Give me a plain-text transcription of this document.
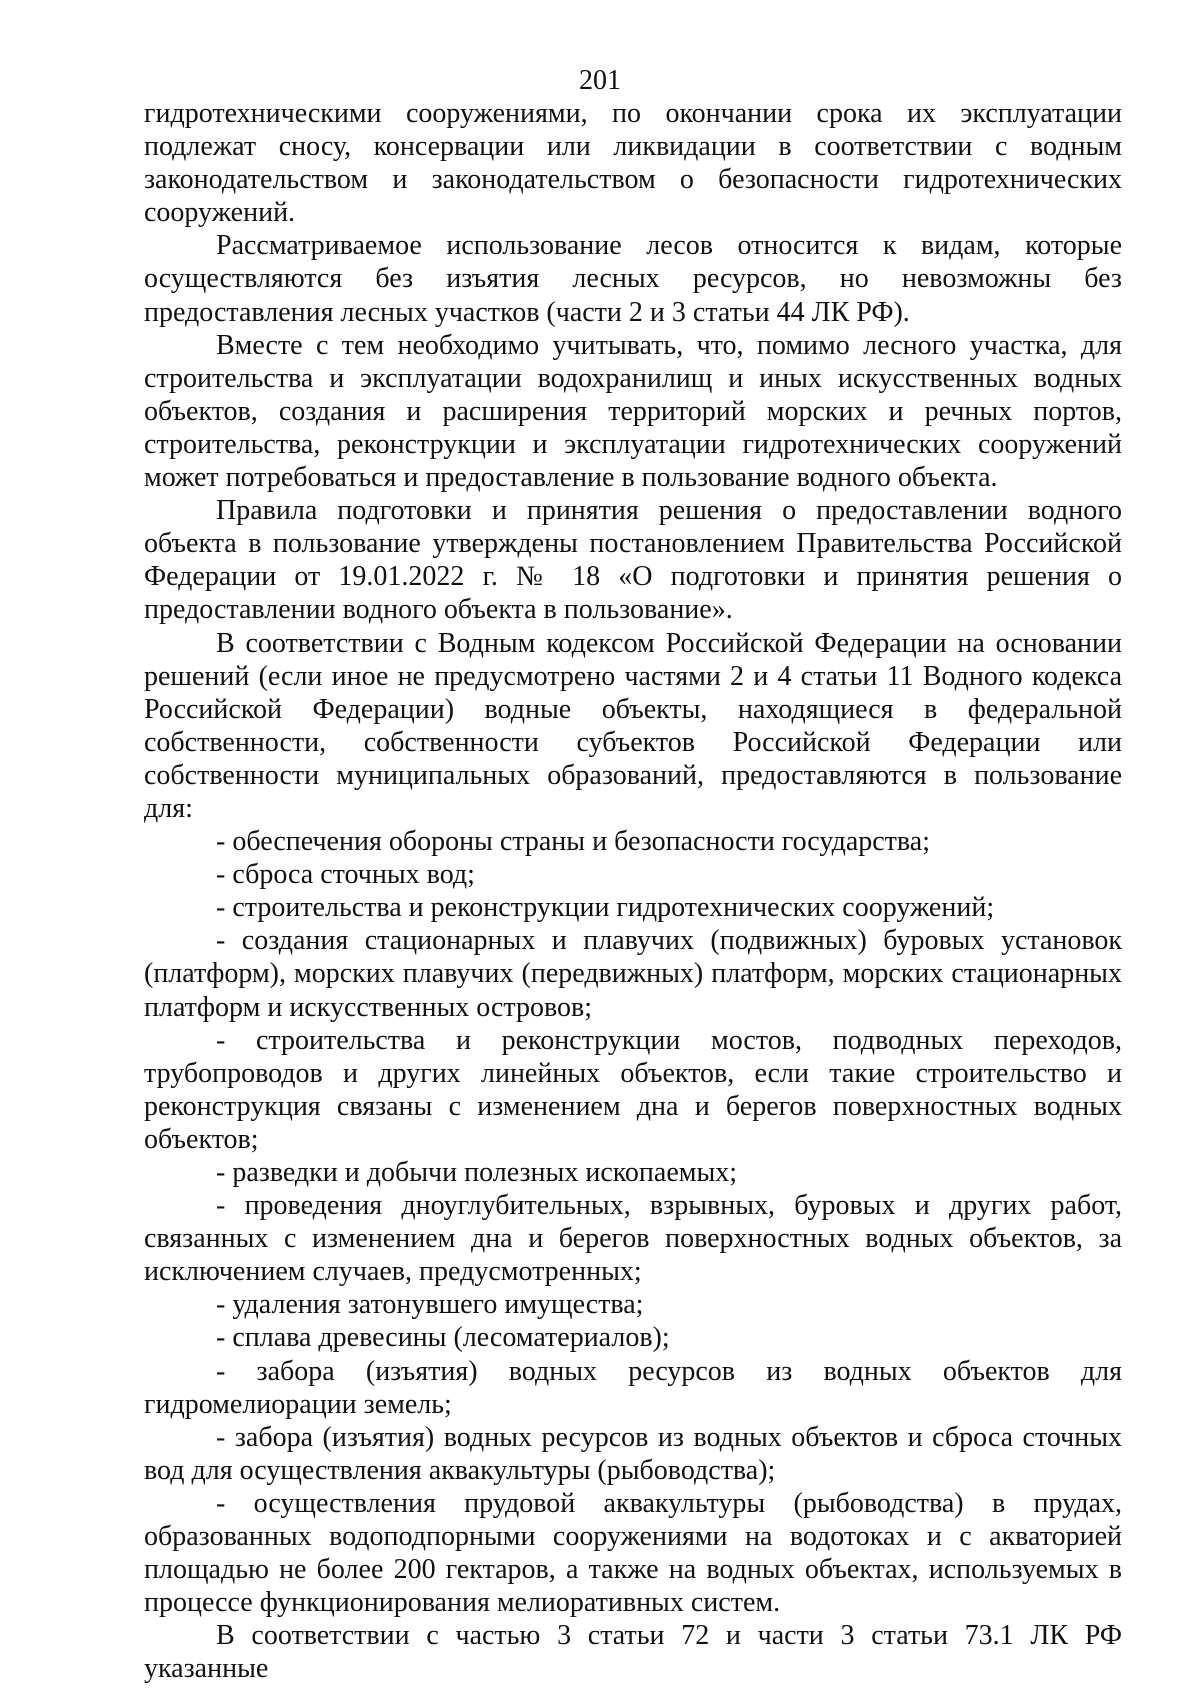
201

гидротехническими сооружениями, по окончании срока их эксплуатации подлежат сносу, консервации или ликвидации в соответствии с водным законодательством и законодательством о безопасности гидротехнических сооружений.

Рассматриваемое использование лесов относится к видам, которые осуществляются без изъятия лесных ресурсов, но невозможны без предоставления лесных участков (части 2 и 3 статьи 44 ЛК РФ).

Вместе с тем необходимо учитывать, что, помимо лесного участка, для строительства и эксплуатации водохранилищ и иных искусственных водных объектов, создания и расширения территорий морских и речных портов, строительства, реконструкции и эксплуатации гидротехнических сооружений может потребоваться и предоставление в пользование водного объекта.

Правила подготовки и принятия решения о предоставлении водного объекта в пользование утверждены постановлением Правительства Российской Федерации от 19.01.2022 г. № 18 «О подготовки и принятия решения о предоставлении водного объекта в пользование».

В соответствии с Водным кодексом Российской Федерации на основании решений (если иное не предусмотрено частями 2 и 4 статьи 11 Водного кодекса Российской Федерации) водные объекты, находящиеся в федеральной собственности, собственности субъектов Российской Федерации или собственности муниципальных образований, предоставляются в пользование для:

- обеспечения обороны страны и безопасности государства;

- сброса сточных вод;

- строительства и реконструкции гидротехнических сооружений;

- создания стационарных и плавучих (подвижных) буровых установок (платформ), морских плавучих (передвижных) платформ, морских стационарных платформ и искусственных островов;

- строительства и реконструкции мостов, подводных переходов, трубопроводов и других линейных объектов, если такие строительство и реконструкция связаны с изменением дна и берегов поверхностных водных объектов;

- разведки и добычи полезных ископаемых;

- проведения дноуглубительных, взрывных, буровых и других работ, связанных с изменением дна и берегов поверхностных водных объектов, за исключением случаев, предусмотренных;

- удаления затонувшего имущества;

- сплава древесины (лесоматериалов);

- забора (изъятия) водных ресурсов из водных объектов для гидромелиорации земель;

- забора (изъятия) водных ресурсов из водных объектов и сброса сточных вод для осуществления аквакультуры (рыбоводства);

- осуществления прудовой аквакультуры (рыбоводства) в прудах, образованных водоподпорными сооружениями на водотоках и с акваторией площадью не более 200 гектаров, а также на водных объектах, используемых в процессе функционирования мелиоративных систем.

В соответствии с частью 3 статьи 72 и части 3 статьи 73.1 ЛК РФ указанные
